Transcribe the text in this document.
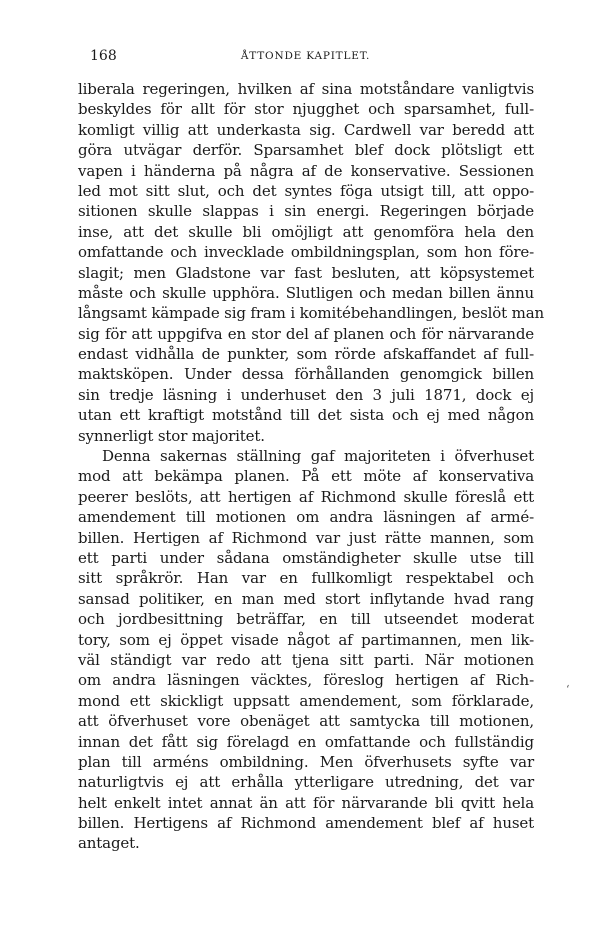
168	ÅTTONDE KAPITLET.
liberala regeringen, hvilken af sina motståndare vanligtvis
beskyldes för allt för stor njugghet och sparsamhet, full-
komligt villig att underkasta sig. Cardwell var beredd att
göra utvägar derför. Sparsamhet blef dock plötsligt ett
vapen i händerna på några af de konservative. Sessionen
led mot sitt slut, och det syntes föga utsigt till, att oppo-
sitionen skulle slappas i sin energi. Regeringen började
inse, att det skulle bli omöjligt att genomföra hela den
omfattande och invecklade ombildningsplan, som hon före-
slagit; men Gladstone var fast besluten, att köpsystemet
måste och skulle upphöra. Slutligen och medan billen ännu
långsamt kämpade sig fram i komitébehandlingen, beslöt man
sig för att uppgifva en stor del af planen och för närvarande
endast vidhålla de punkter, som rörde afskaffandet af full-
maktsköpen. Under dessa förhållanden genomgick billen
sin tredje läsning i underhuset den 3 juli 1871, dock ej
utan ett kraftigt motstånd till det sista och ej med någon
synnerligt stor majoritet.
Denna sakernas ställning gaf majoriteten i öfverhuset
mod att bekämpa planen. På ett möte af konservativa
peerer beslöts, att hertigen af Richmond skulle föreslå ett
amendement till motionen om andra läsningen af armé-
billen. Hertigen af Richmond var just rätte mannen, som
ett parti under sådana omständigheter skulle utse till
sitt språkrör. Han var en fullkomligt respektabel och
sansad politiker, en man med stort inflytande hvad rang
och jordbesittning beträffar, en till utseendet moderat
tory, som ej öppet visade något af partimannen, men lik-
väl ständigt var redo att tjena sitt parti. När motionen
om andra läsningen väcktes, föreslog hertigen af Rich-
mond ett skickligt uppsatt amendement, som förklarade,
att öfverhuset vore obenäget att samtycka till motionen,
innan det fått sig förelagd en omfattande och fullständig
plan till arméns ombildning. Men öfverhusets syfte var
naturligtvis ej att erhålla ytterligare utredning, det var
helt enkelt intet annat än att för närvarande bli qvitt hela
billen. Hertigens af Richmond amendement blef af huset
antaget.
‘
